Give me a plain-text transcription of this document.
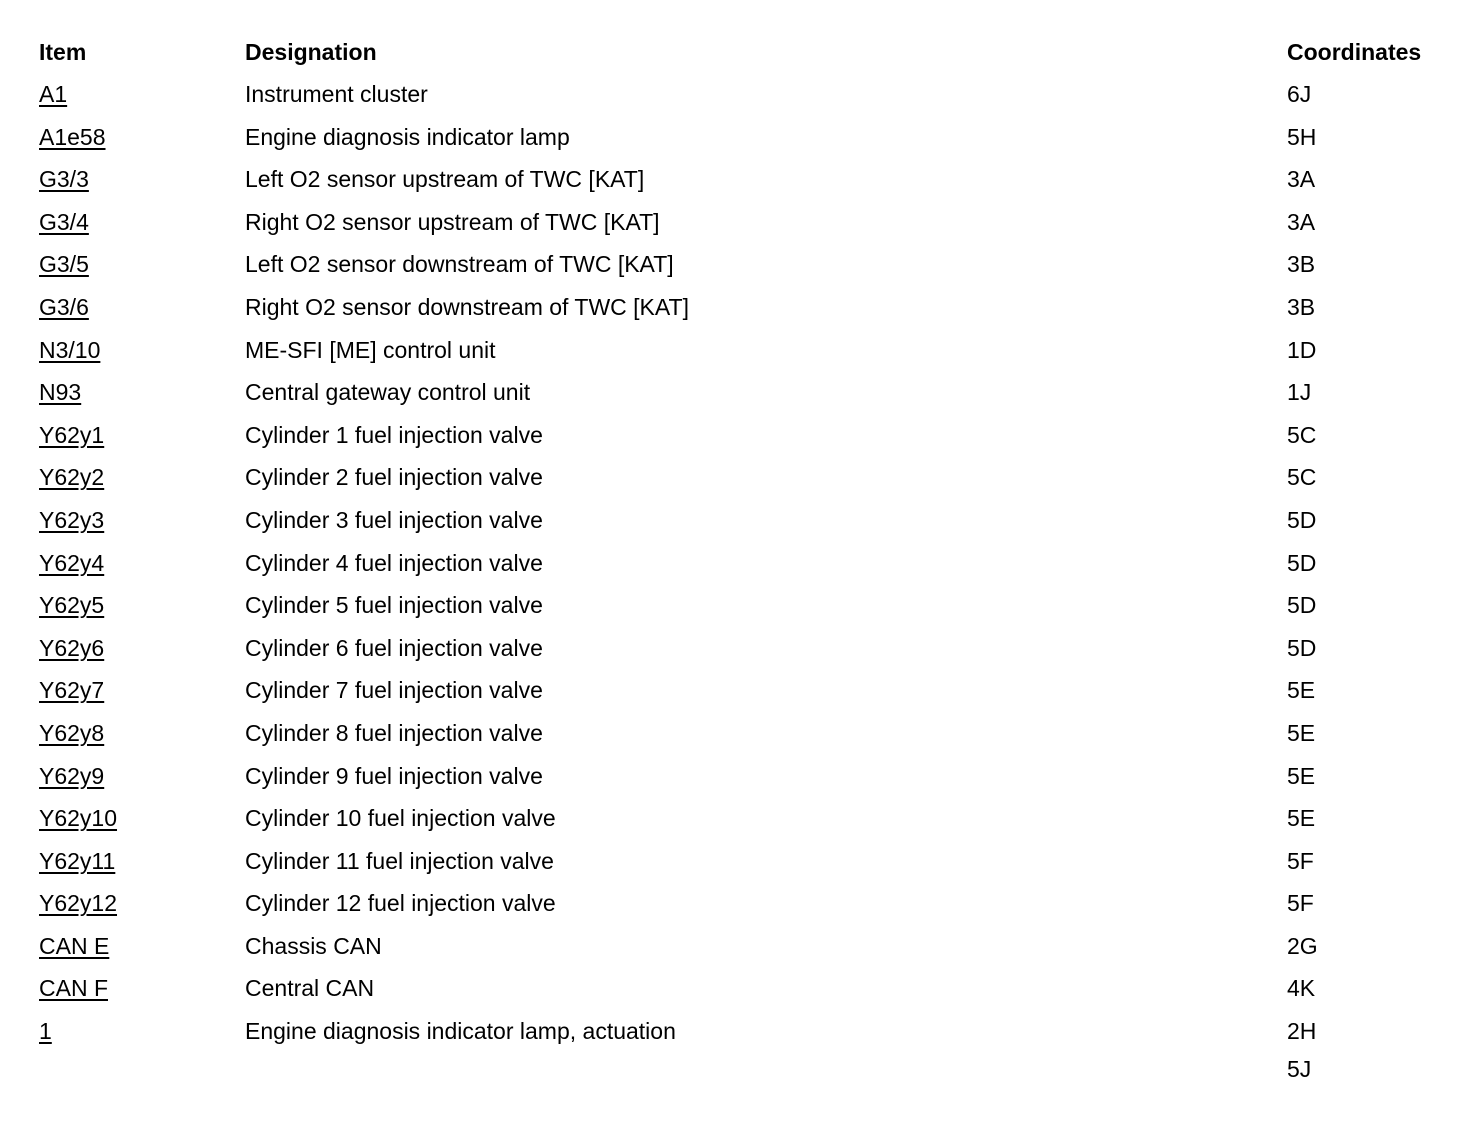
Item	Designation	Coordinates
A1	Instrument cluster	6J
A1e58	Engine diagnosis indicator lamp	5H
G3/3	Left O2 sensor upstream of TWC [KAT]	3A
G3/4	Right O2 sensor upstream of TWC [KAT]	3A
G3/5	Left O2 sensor downstream of TWC [KAT]	3B
G3/6	Right O2 sensor downstream of TWC [KAT]	3B
N3/10	ME-SFI [ME] control unit	1D
N93	Central gateway control unit	1J
Y62y1	Cylinder 1 fuel injection valve	5C
Y62y2	Cylinder 2 fuel injection valve	5C
Y62y3	Cylinder 3 fuel injection valve	5D
Y62y4	Cylinder 4 fuel injection valve	5D
Y62y5	Cylinder 5 fuel injection valve	5D
Y62y6	Cylinder 6 fuel injection valve	5D
Y62y7	Cylinder 7 fuel injection valve	5E
Y62y8	Cylinder 8 fuel injection valve	5E
Y62y9	Cylinder 9 fuel injection valve	5E
Y62y10	Cylinder 10 fuel injection valve	5E
Y62y11	Cylinder 11 fuel injection valve	5F
Y62y12	Cylinder 12 fuel injection valve	5F
CAN E	Chassis CAN	2G
CAN F	Central CAN	4K
1	Engine diagnosis indicator lamp, actuation	2H
5J
